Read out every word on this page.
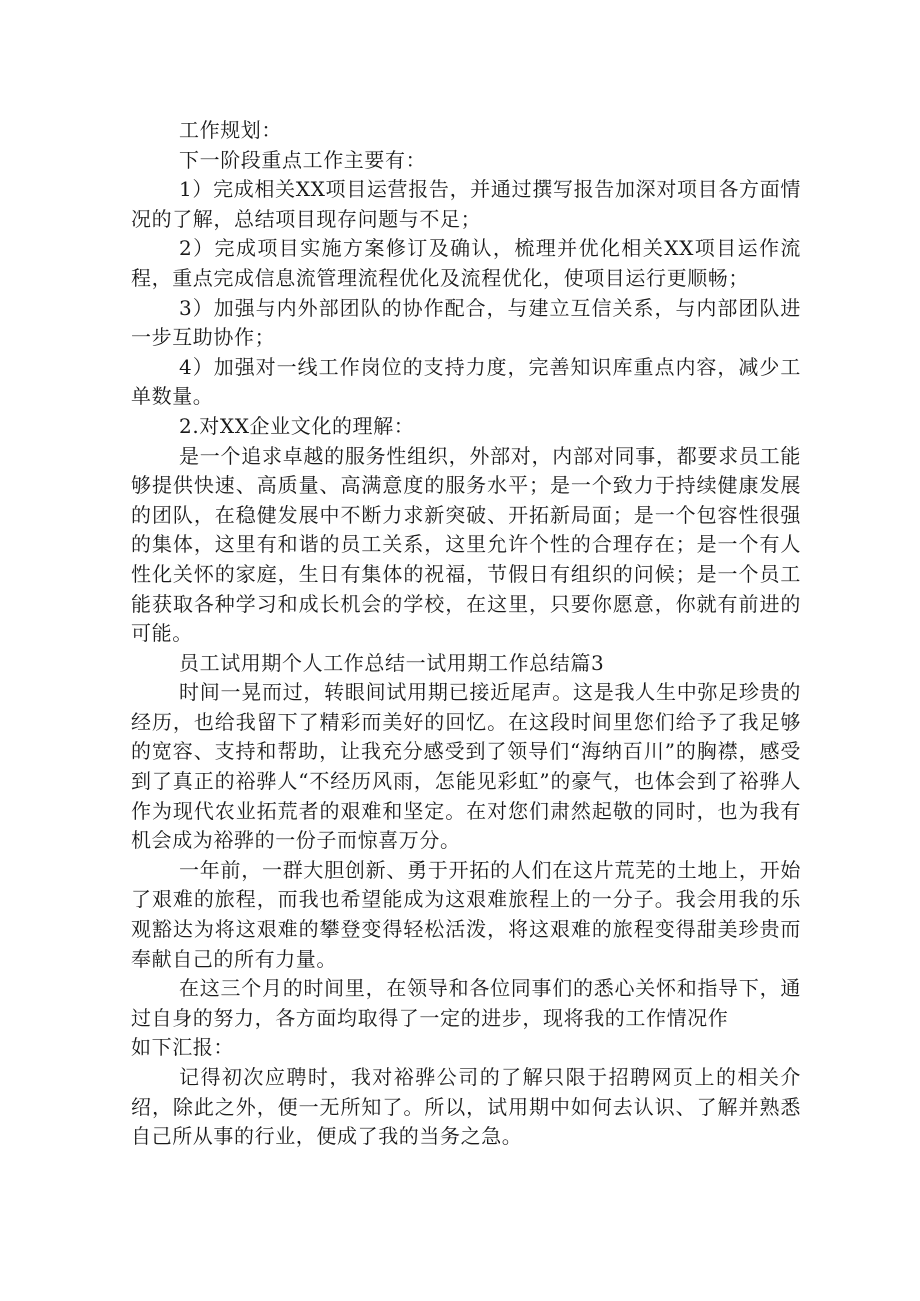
工作规划：

下一阶段重点工作主要有：

1）完成相关XX项目运营报告，并通过撰写报告加深对项目各方面情况的了解，总结项目现存问题与不足；

2）完成项目实施方案修订及确认，梳理并优化相关XX项目运作流程，重点完成信息流管理流程优化及流程优化，使项目运行更顺畅；

3）加强与内外部团队的协作配合，与建立互信关系，与内部团队进一步互助协作；

4）加强对一线工作岗位的支持力度，完善知识库重点内容，减少工单数量。

2.对XX企业文化的理解：

是一个追求卓越的服务性组织，外部对，内部对同事，都要求员工能够提供快速、高质量、高满意度的服务水平；是一个致力于持续健康发展的团队，在稳健发展中不断力求新突破、开拓新局面；是一个包容性很强的集体，这里有和谐的员工关系，这里允许个性的合理存在；是一个有人性化关怀的家庭，生日有集体的祝福，节假日有组织的问候；是一个员工能获取各种学习和成长机会的学校，在这里，只要你愿意，你就有前进的可能。

员工试用期个人工作总结一试用期工作总结篇3

时间一晃而过，转眼间试用期已接近尾声。这是我人生中弥足珍贵的经历，也给我留下了精彩而美好的回忆。在这段时间里您们给予了我足够的宽容、支持和帮助，让我充分感受到了领导们“海纳百川”的胸襟，感受到了真正的裕骅人“不经历风雨，怎能见彩虹”的豪气，也体会到了裕骅人作为现代农业拓荒者的艰难和坚定。在对您们肃然起敬的同时，也为我有机会成为裕骅的一份子而惊喜万分。

一年前，一群大胆创新、勇于开拓的人们在这片荒芜的土地上，开始了艰难的旅程，而我也希望能成为这艰难旅程上的一分子。我会用我的乐观豁达为将这艰难的攀登变得轻松活泼，将这艰难的旅程变得甜美珍贵而奉献自己的所有力量。

在这三个月的时间里，在领导和各位同事们的悉心关怀和指导下，通过自身的努力，各方面均取得了一定的进步，现将我的工作情况作

如下汇报：

记得初次应聘时，我对裕骅公司的了解只限于招聘网页上的相关介绍，除此之外，便一无所知了。所以，试用期中如何去认识、了解并熟悉自己所从事的行业，便成了我的当务之急。
